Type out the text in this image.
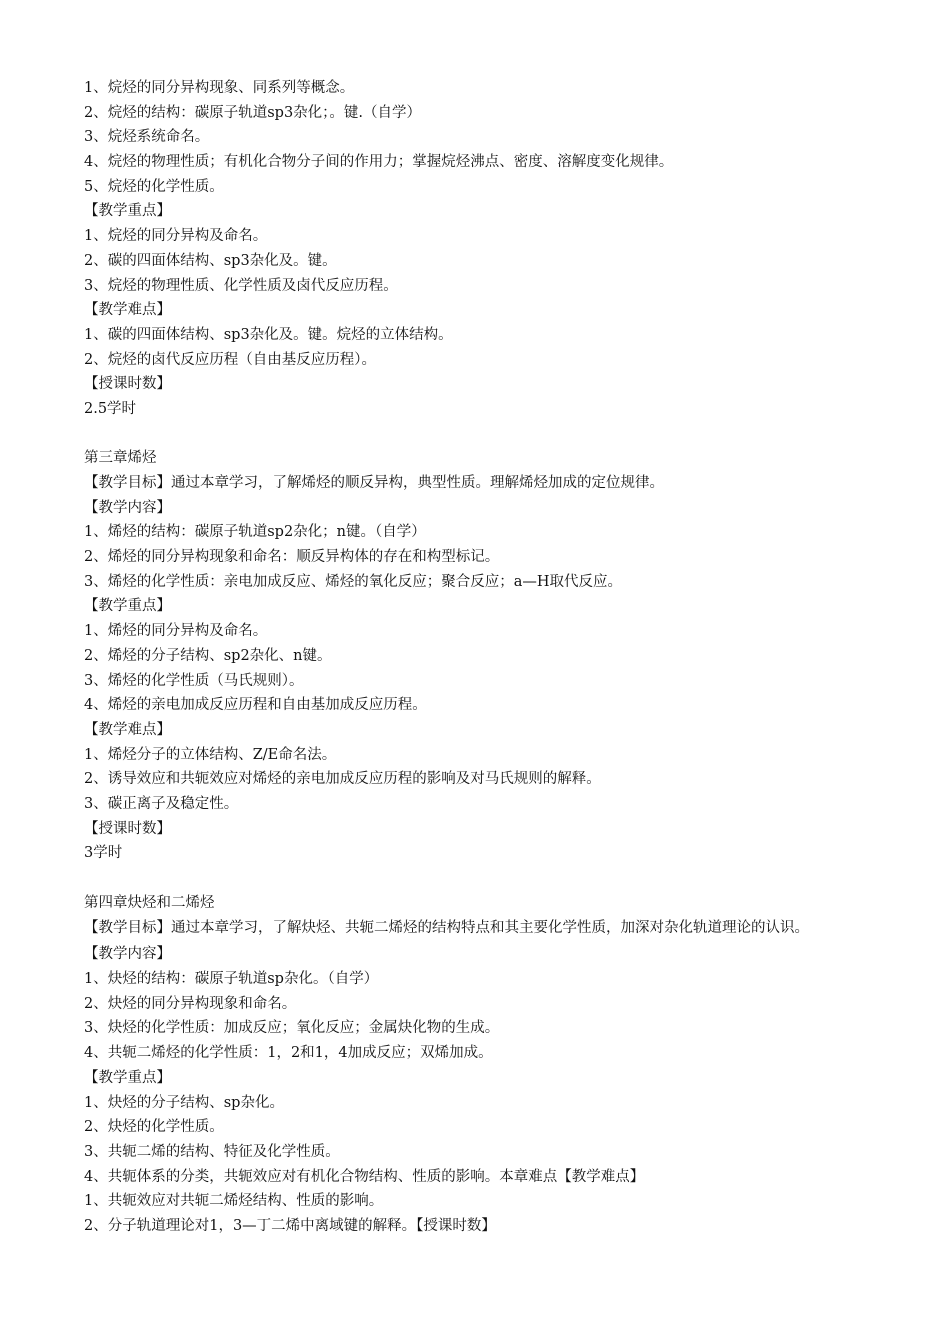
1、烷烃的同分异构现象、同系列等概念。
2、烷烃的结构：碳原子轨道sp3杂化；。键.（自学）
3、烷烃系统命名。
4、烷烃的物理性质；有机化合物分子间的作用力；掌握烷烃沸点、密度、溶解度变化规律。
5、烷烃的化学性质。
【教学重点】
1、烷烃的同分异构及命名。
2、碳的四面体结构、sp3杂化及。键。
3、烷烃的物理性质、化学性质及卤代反应历程。
【教学难点】
1、碳的四面体结构、sp3杂化及。键。烷烃的立体结构。
2、烷烃的卤代反应历程（自由基反应历程）。
【授课时数】
2.5学时
第三章烯烃
【教学目标】通过本章学习，了解烯烃的顺反异构，典型性质。理解烯烃加成的定位规律。
【教学内容】
1、烯烃的结构：碳原子轨道sp2杂化；n键。（自学）
2、烯烃的同分异构现象和命名：顺反异构体的存在和构型标记。
3、烯烃的化学性质：亲电加成反应、烯烃的氧化反应；聚合反应；a—H取代反应。
【教学重点】
1、烯烃的同分异构及命名。
2、烯烃的分子结构、sp2杂化、n键。
3、烯烃的化学性质（马氏规则）。
4、烯烃的亲电加成反应历程和自由基加成反应历程。
【教学难点】
1、烯烃分子的立体结构、Z/E命名法。
2、诱导效应和共轭效应对烯烃的亲电加成反应历程的影响及对马氏规则的解释。
3、碳正离子及稳定性。
【授课时数】
3学时
第四章炔烃和二烯烃
【教学目标】通过本章学习，了解炔烃、共轭二烯烃的结构特点和其主要化学性质，加深对杂化轨道理论的认识。
【教学内容】
1、炔烃的结构：碳原子轨道sp杂化。（自学）
2、炔烃的同分异构现象和命名。
3、炔烃的化学性质：加成反应；氧化反应；金属炔化物的生成。
4、共轭二烯烃的化学性质：1，2和1，4加成反应；双烯加成。
【教学重点】
1、炔烃的分子结构、sp杂化。
2、炔烃的化学性质。
3、共轭二烯的结构、特征及化学性质。
4、共轭体系的分类，共轭效应对有机化合物结构、性质的影响。本章难点【教学难点】
1、共轭效应对共轭二烯烃结构、性质的影响。
2、分子轨道理论对1，3—丁二烯中离域键的解释。【授课时数】
